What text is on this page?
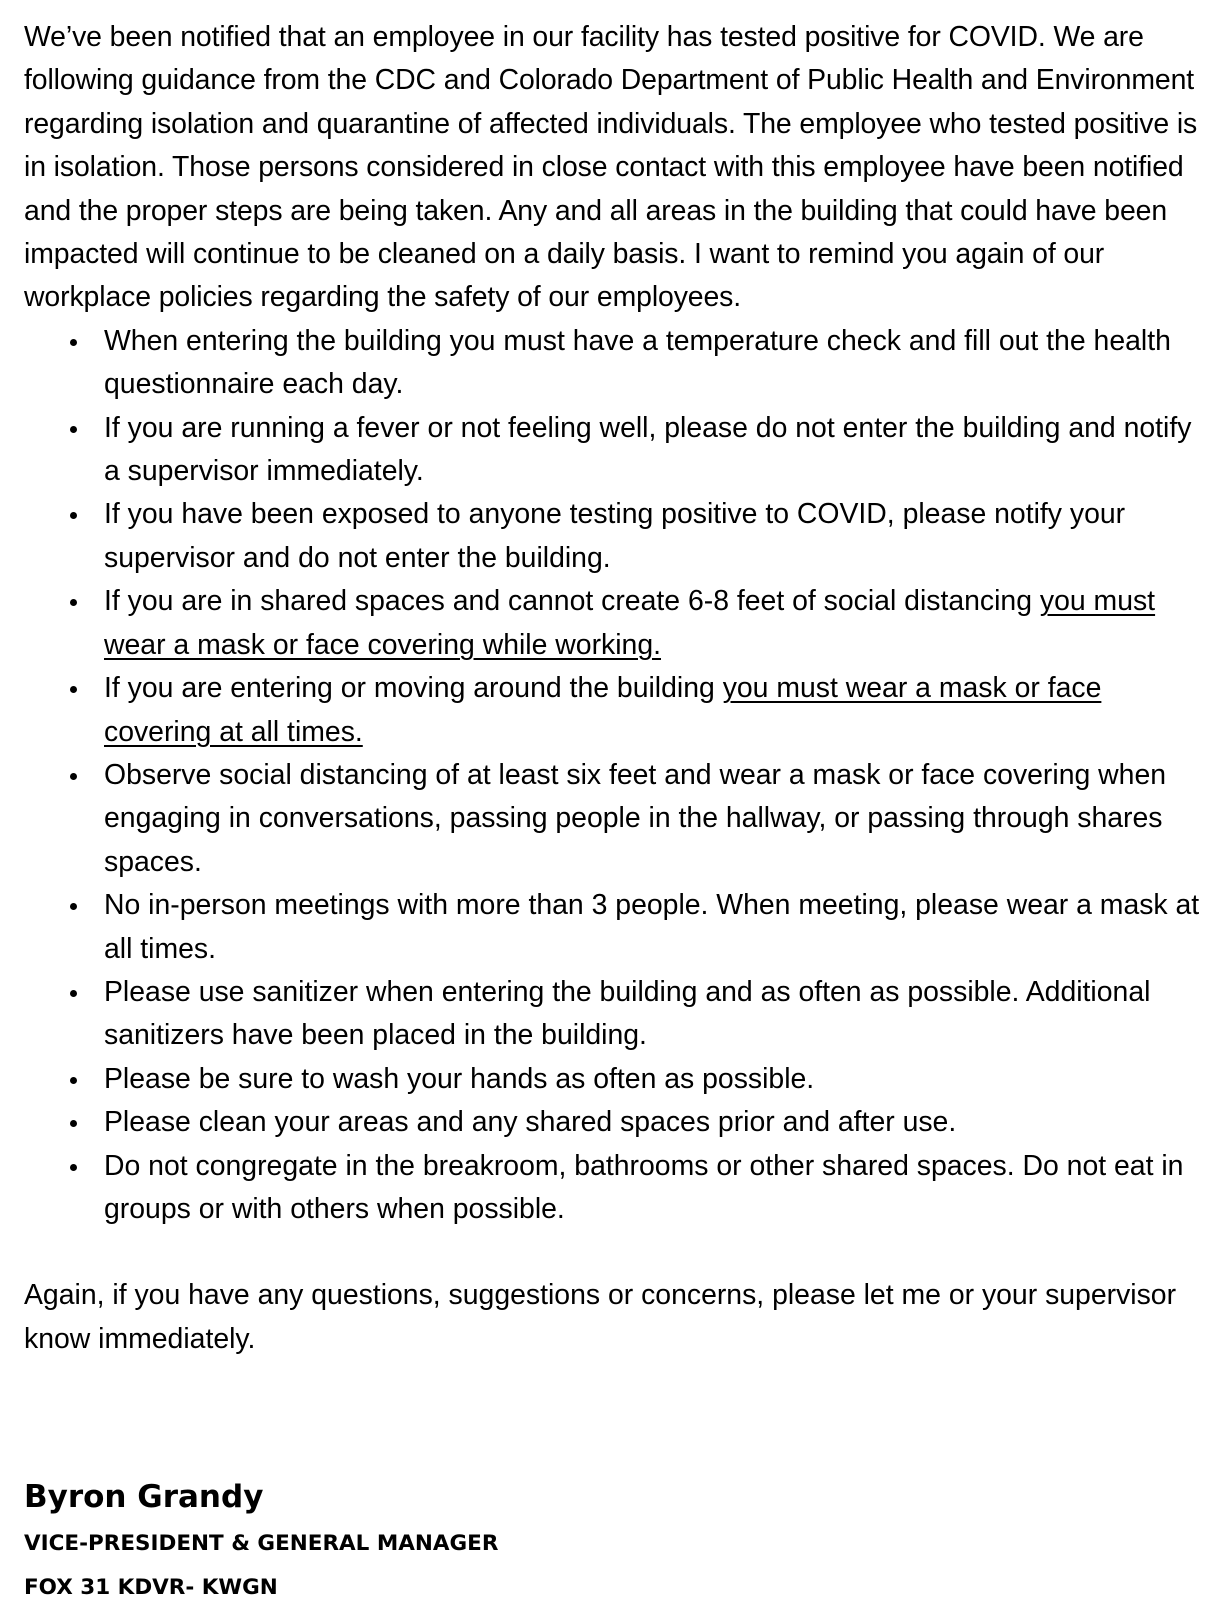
We’ve been notified that an employee in our facility has tested positive for COVID. We are following guidance from the CDC and Colorado Department of Public Health and Environment regarding isolation and quarantine of affected individuals. The employee who tested positive is in isolation. Those persons considered in close contact with this employee have been notified and the proper steps are being taken. Any and all areas in the building that could have been impacted will continue to be cleaned on a daily basis. I want to remind you again of our workplace policies regarding the safety of our employees.

When entering the building you must have a temperature check and fill out the health questionnaire each day.
If you are running a fever or not feeling well, please do not enter the building and notify a supervisor immediately.
If you have been exposed to anyone testing positive to COVID, please notify your supervisor and do not enter the building.
If you are in shared spaces and cannot create 6-8 feet of social distancing you must wear a mask or face covering while working.
If you are entering or moving around the building you must wear a mask or face covering at all times.
Observe social distancing of at least six feet and wear a mask or face covering when engaging in conversations, passing people in the hallway, or passing through shares spaces.
No in-person meetings with more than 3 people. When meeting, please wear a mask at all times.
Please use sanitizer when entering the building and as often as possible. Additional sanitizers have been placed in the building.
Please be sure to wash your hands as often as possible.
Please clean your areas and any shared spaces prior and after use.
Do not congregate in the breakroom, bathrooms or other shared spaces. Do not eat in groups or with others when possible.

Again, if you have any questions, suggestions or concerns, please let me or your supervisor know immediately.

Byron Grandy
VICE-PRESIDENT & GENERAL MANAGER
FOX 31 KDVR- KWGN
